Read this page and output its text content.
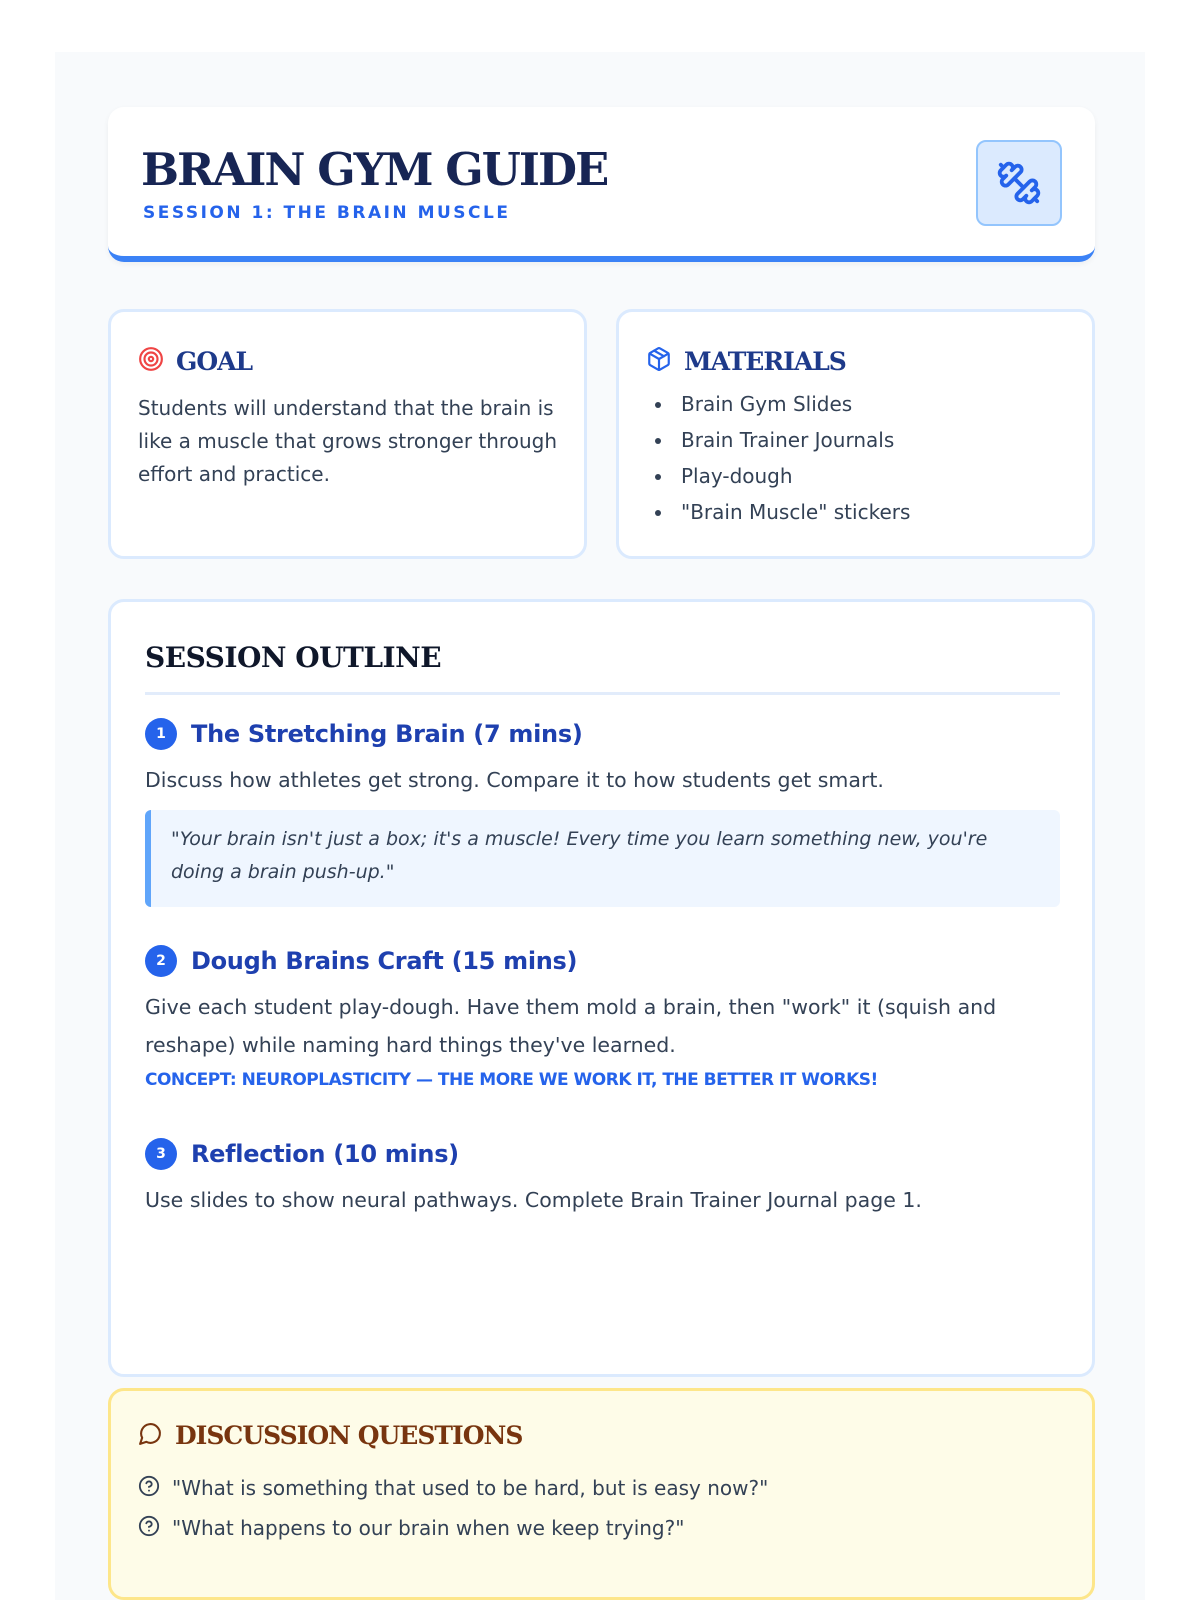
BRAIN GYM GUIDE
SESSION 1: THE BRAIN MUSCLE
GOAL

Students will understand that the brain is like a muscle that grows stronger through effort and practice.

MATERIALS
Brain Gym Slides
Brain Trainer Journals
Play-dough
"Brain Muscle" stickers
SESSION OUTLINE
1	The Stretching Brain (7 mins)

Discuss how athletes get strong. Compare it to how students get smart.

"Your brain isn't just a box; it's a muscle! Every time you learn something new, you're doing a brain push-up."
2	Dough Brains Craft (15 mins)

Give each student play-dough. Have them mold a brain, then "work" it (squish and reshape) while naming hard things they've learned.

CONCEPT: NEUROPLASTICITY — THE MORE WE WORK IT, THE BETTER IT WORKS!
3	Reflection (10 mins)

Use slides to show neural pathways. Complete Brain Trainer Journal page 1.

DISCUSSION QUESTIONS
"What is something that used to be hard, but is easy now?"
"What happens to our brain when we keep trying?"
